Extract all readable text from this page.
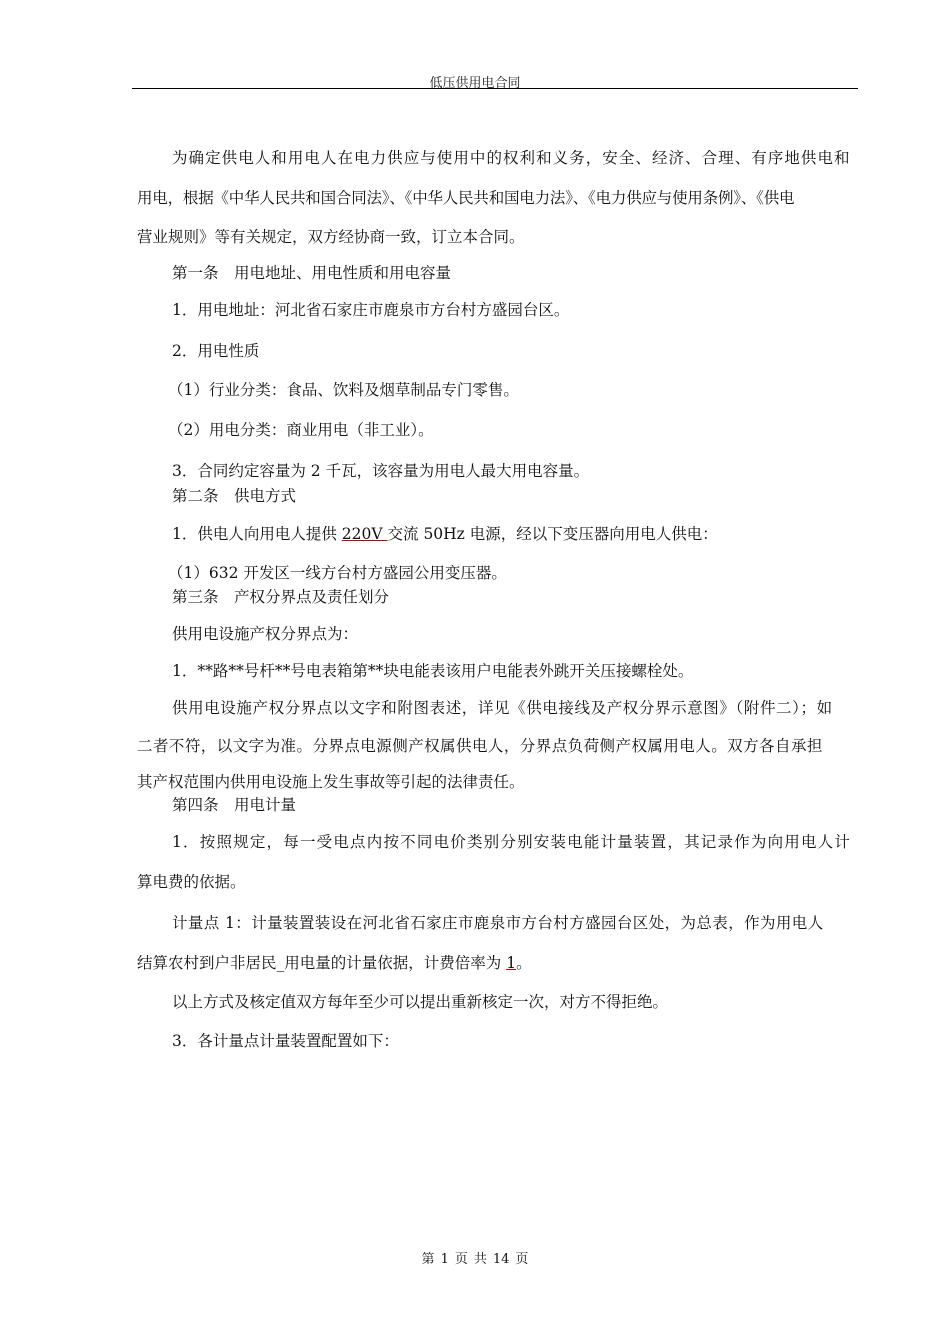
低压供用电合同
为确定供电人和用电人在电力供应与使用中的权利和义务，安全、经济、合理、有序地供电和
用电，根据《中华人民共和国合同法》、《中华人民共和国电力法》、《电力供应与使用条例》、《供电
营业规则》等有关规定，双方经协商一致，订立本合同。
第一条　用电地址、用电性质和用电容量
1．用电地址：河北省石家庄市鹿泉市方台村方盛园台区。
2．用电性质
（1）行业分类：食品、饮料及烟草制品专门零售。
（2）用电分类：商业用电（非工业）。
3．合同约定容量为 2 千瓦，该容量为用电人最大用电容量。
第二条　供电方式
1．供电人向用电人提供 220V 交流 50Hz 电源，经以下变压器向用电人供电：
（1）632 开发区一线方台村方盛园公用变压器。
第三条　产权分界点及责任划分
供用电设施产权分界点为：
1．**路**号杆**号电表箱第**块电能表该用户电能表外跳开关压接螺栓处。
供用电设施产权分界点以文字和附图表述，详见《供电接线及产权分界示意图》（附件二）；如
二者不符，以文字为准。分界点电源侧产权属供电人，分界点负荷侧产权属用电人。双方各自承担
其产权范围内供用电设施上发生事故等引起的法律责任。
第四条　用电计量
1．按照规定，每一受电点内按不同电价类别分别安装电能计量装置，其记录作为向用电人计
算电费的依据。
计量点 1：计量装置装设在河北省石家庄市鹿泉市方台村方盛园台区处，为总表，作为用电人
结算农村到户非居民_用电量的计量依据，计费倍率为 1。
以上方式及核定值双方每年至少可以提出重新核定一次，对方不得拒绝。
3．各计量点计量装置配置如下：
第 1 页 共 14 页
